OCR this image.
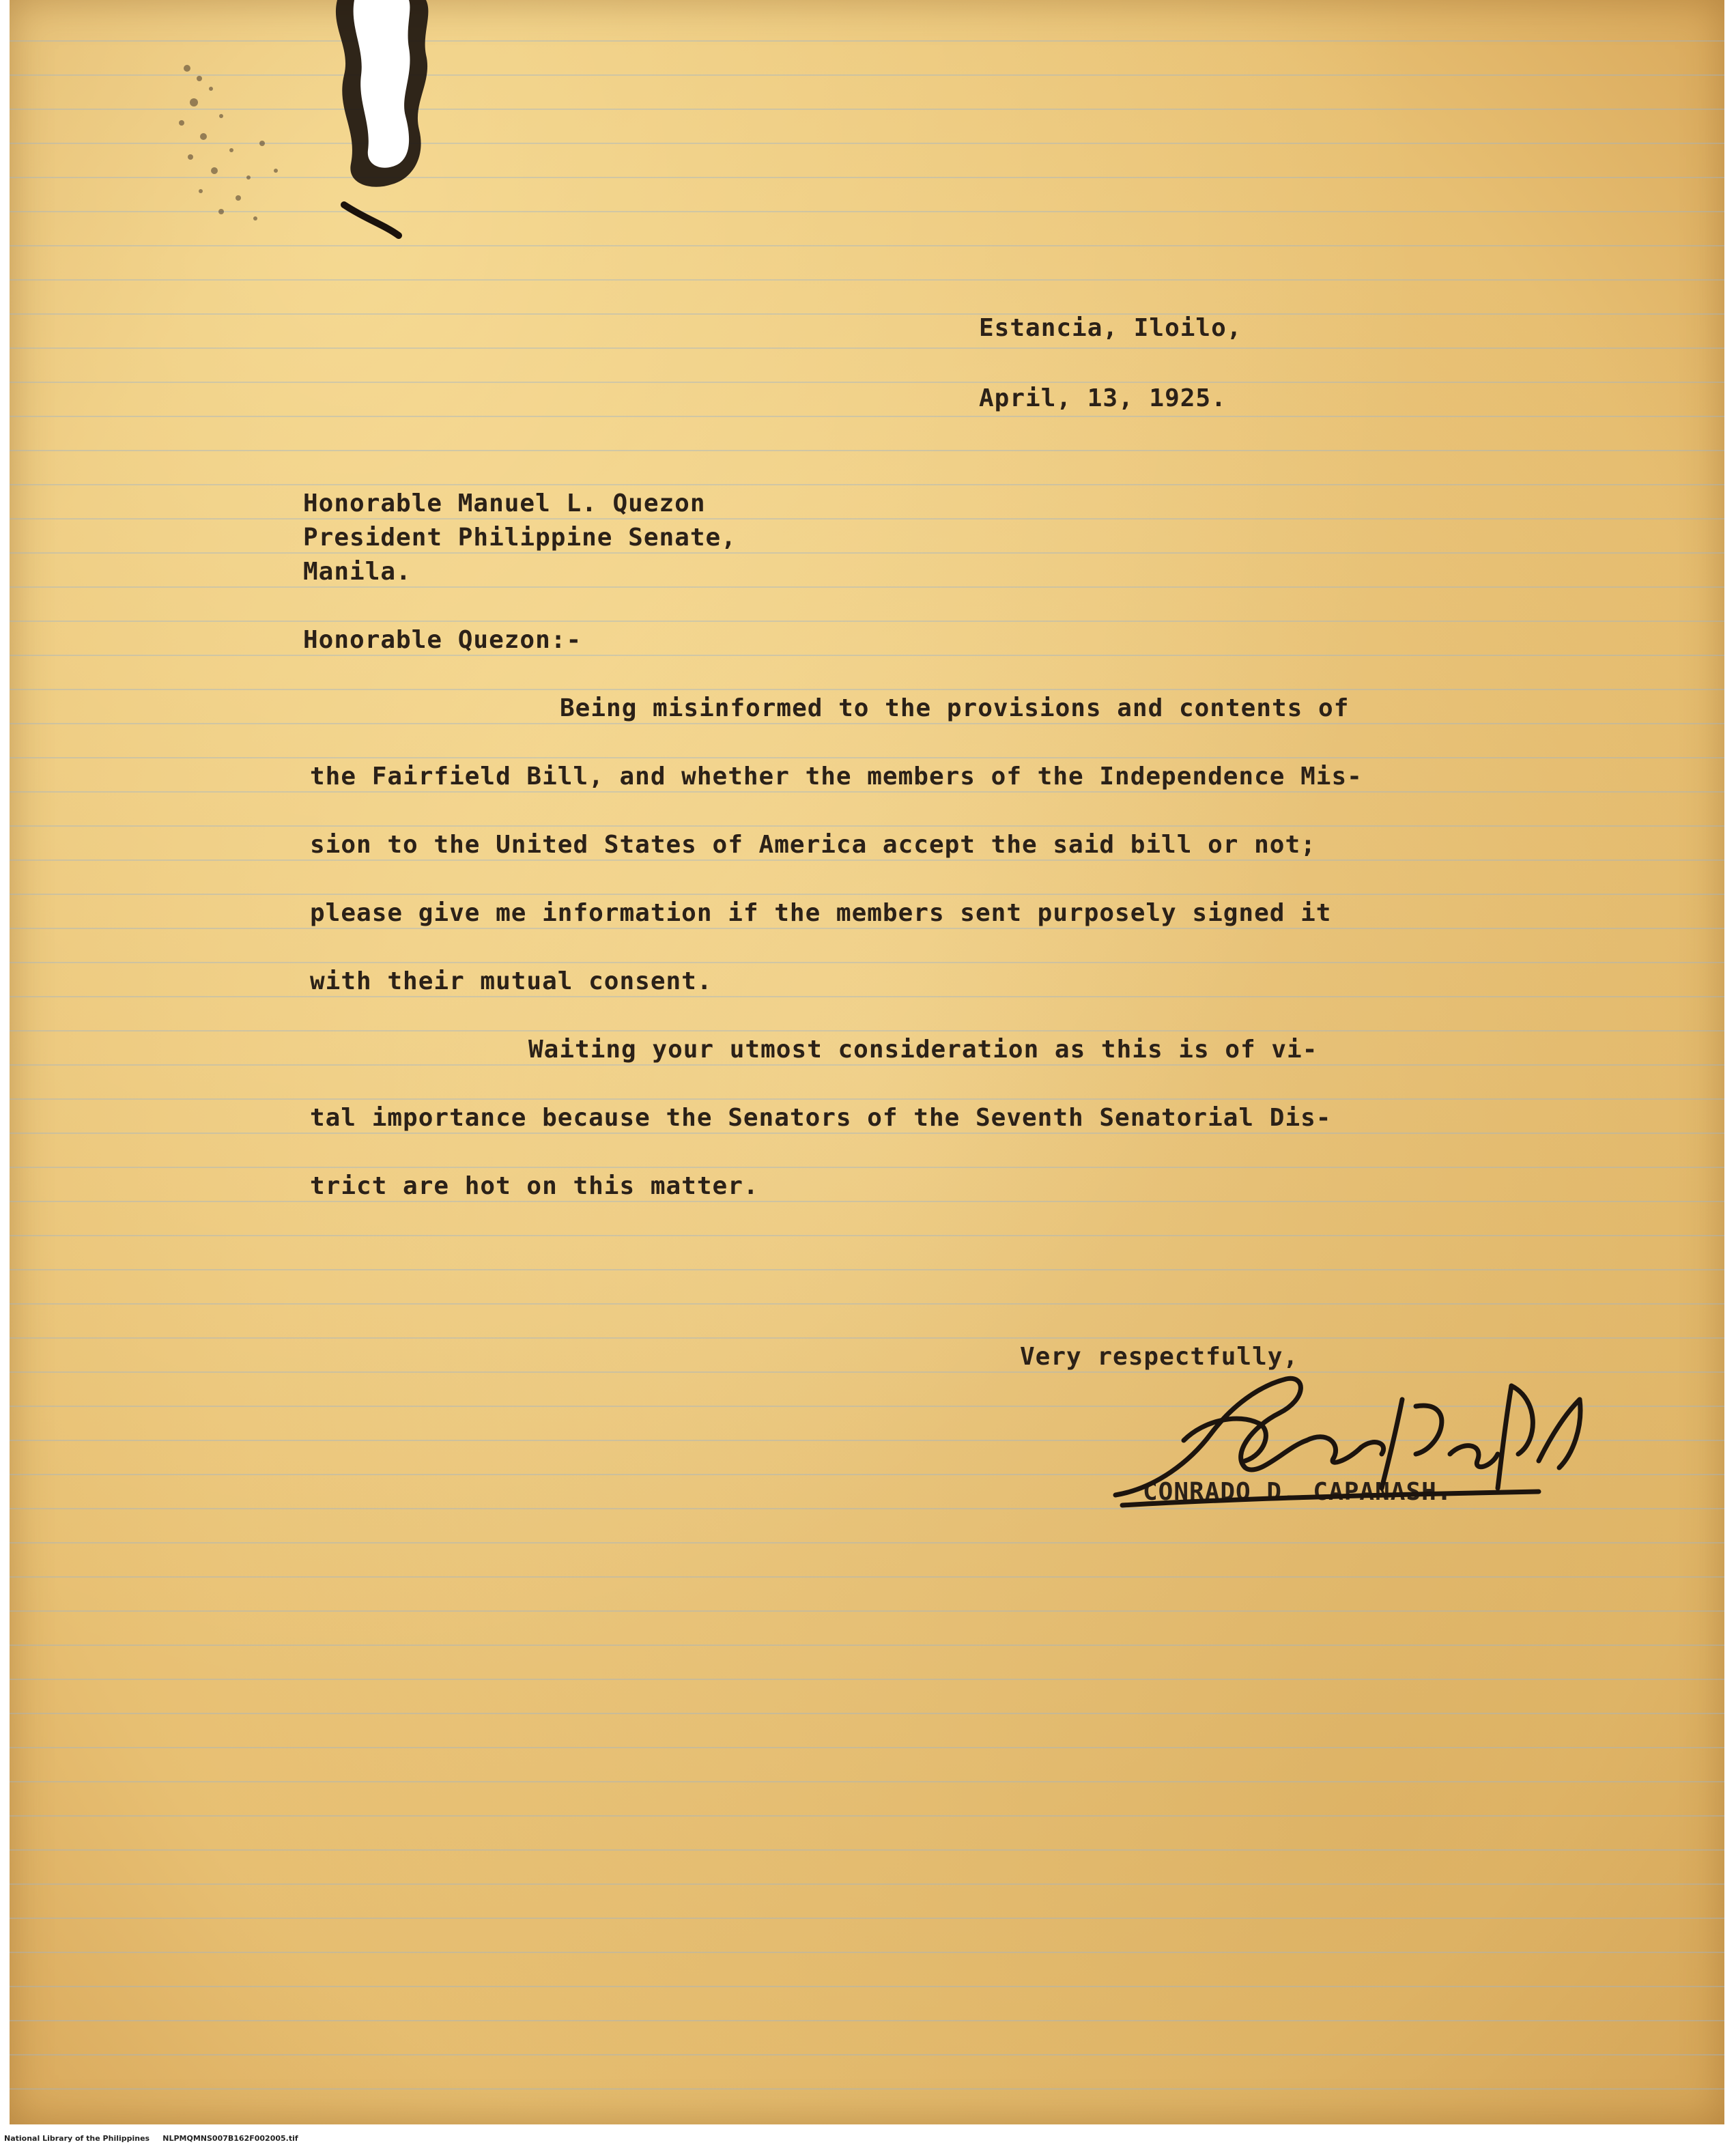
Estancia, Iloilo,

April, 13, 1925.

Honorable Manuel L. Quezon

President Philippine Senate,

Manila.

Honorable Quezon:-

Being misinformed to the provisions and contents of

the Fairfield Bill, and whether the members of the Independence Mis-

sion to the United States of America accept the said bill or not;

please give me information if the members sent purposely signed it

with their mutual consent.

Waiting your utmost consideration as this is of vi-

tal importance because the Senators of the Seventh Senatorial Dis-

trict are hot on this matter.

Very respectfully,

CONRADO D. CAPANASH.

National Library of the Philippines NLPMQMNS007B162F002005.tif
